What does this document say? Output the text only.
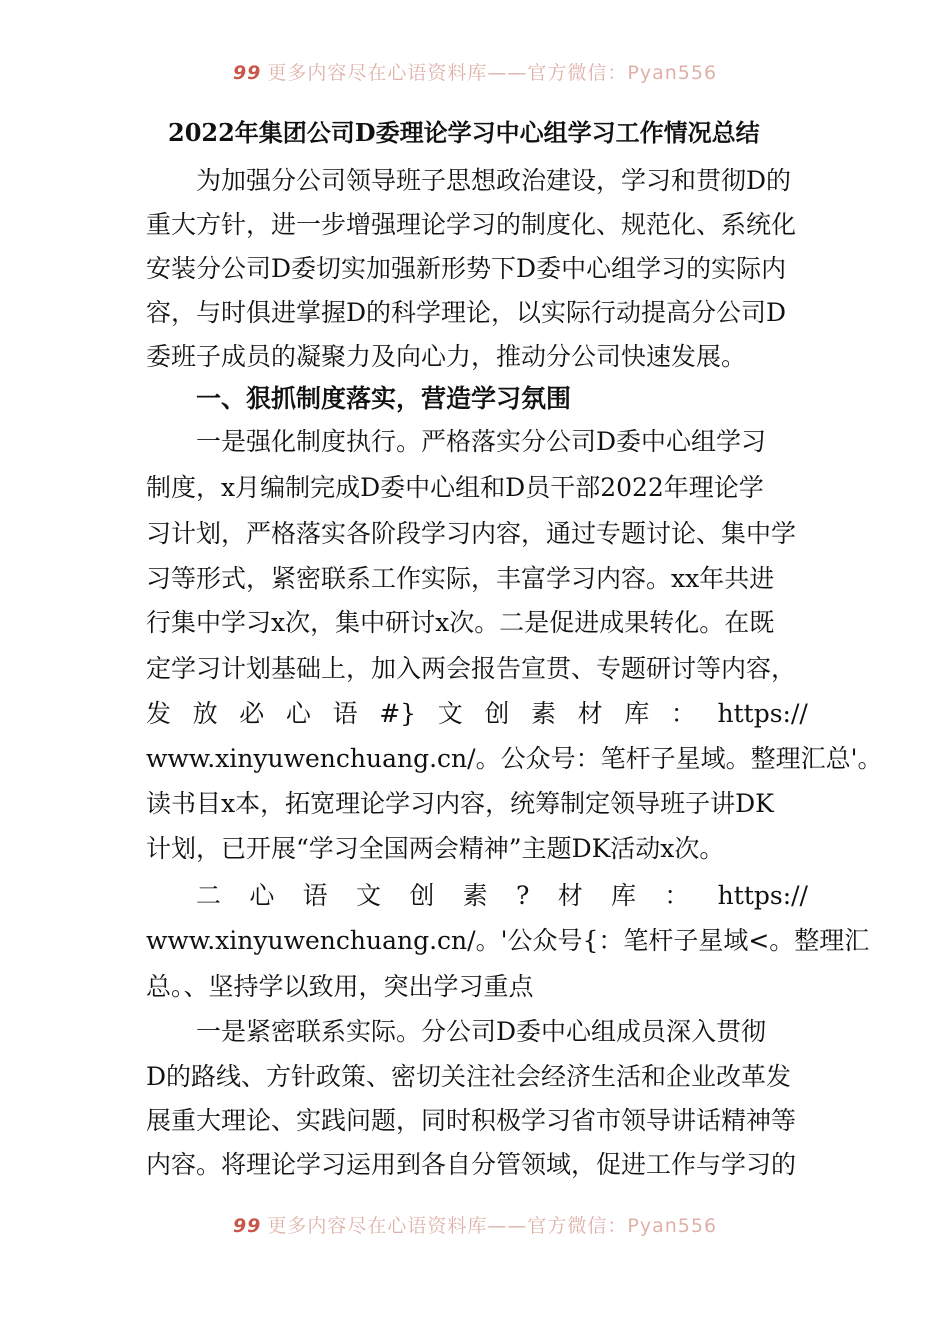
99 更多内容尽在心语资料库——官方微信：Pyan556
2022年集团公司D委理论学习中心组学习工作情况总结
为加强分公司领导班子思想政治建设，学习和贯彻D的
重大方针，进一步增强理论学习的制度化、规范化、系统化
安装分公司D委切实加强新形势下D委中心组学习的实际内
容，与时俱进掌握D的科学理论，以实际行动提高分公司D
委班子成员的凝聚力及向心力，推动分公司快速发展。
一、狠抓制度落实，营造学习氛围
一是强化制度执行。严格落实分公司D委中心组学习
制度，x月编制完成D委中心组和D员干部2022年理论学
习计划，严格落实各阶段学习内容，通过专题讨论、集中学
习等形式，紧密联系工作实际，丰富学习内容。xx年共进
行集中学习x次，集中研讨x次。二是促进成果转化。在既
定学习计划基础上，加入两会报告宣贯、专题研讨等内容，
发 放 必 心 语 #} 文 创 素 材 库 ： https://
www.xinyuwenchuang.cn/。公众号：笔杆子星域。整理汇总'。
读书目x本，拓宽理论学习内容，统筹制定领导班子讲DK
计划，已开展“学习全国两会精神”主题DK活动x次。
二 心 语 文 创 素 ? 材 库 ： https://
www.xinyuwenchuang.cn/。'公众号{：笔杆子星域<。整理汇
总。、坚持学以致用，突出学习重点
一是紧密联系实际。分公司D委中心组成员深入贯彻
D的路线、方针政策、密切关注社会经济生活和企业改革发
展重大理论、实践问题，同时积极学习省市领导讲话精神等
内容。将理论学习运用到各自分管领域，促进工作与学习的
99 更多内容尽在心语资料库——官方微信：Pyan556
